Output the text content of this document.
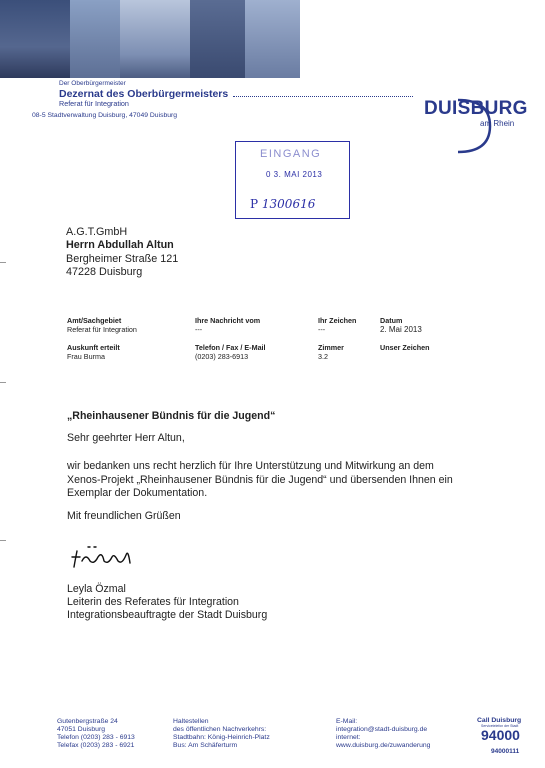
Der Oberbürgermeister
Dezernat des Oberbürgermeisters
Referat für Integration
08-5 Stadtverwaltung Duisburg, 47049 Duisburg	DUISBURG
am Rhein
EINGANG
0 3. MAI 2013
P 1300616
A.G.T.GmbH
Herrn Abdullah Altun
Bergheimer Straße 121
47228 Duisburg
Amt/Sachgebiet
Referat für Integration
Ihre Nachricht vom
---
Ihr Zeichen
---
Datum
2. Mai 2013
Auskunft erteilt
Frau Burma
Telefon / Fax / E-Mail
(0203) 283-6913
Zimmer
3.2
Unser Zeichen
„Rheinhausener Bündnis für die Jugend“
Sehr geehrter Herr Altun,
wir bedanken uns recht herzlich für Ihre Unterstützung und Mitwirkung an dem
Xenos-Projekt „Rheinhausener Bündnis für die Jugend“ und übersenden Ihnen ein
Exemplar der Dokumentation.
Mit freundlichen Grüßen
Leyla Özmal
Leiterin des Referates für Integration
Integrationsbeauftragte der Stadt Duisburg
Gutenbergstraße 24
47051 Duisburg
Telefon (0203) 283 - 6913
Telefax (0203) 283 - 6921
Haltestellen
des öffentlichen Nachverkehrs:
Stadtbahn: König-Heinrich-Platz
Bus: Am Schäferturm
E-Mail:
integration@stadt-duisburg.de
internet:
www.duisburg.de/zuwanderung
Call Duisburg
Servicetelefon der Stadt
94000
94000111
